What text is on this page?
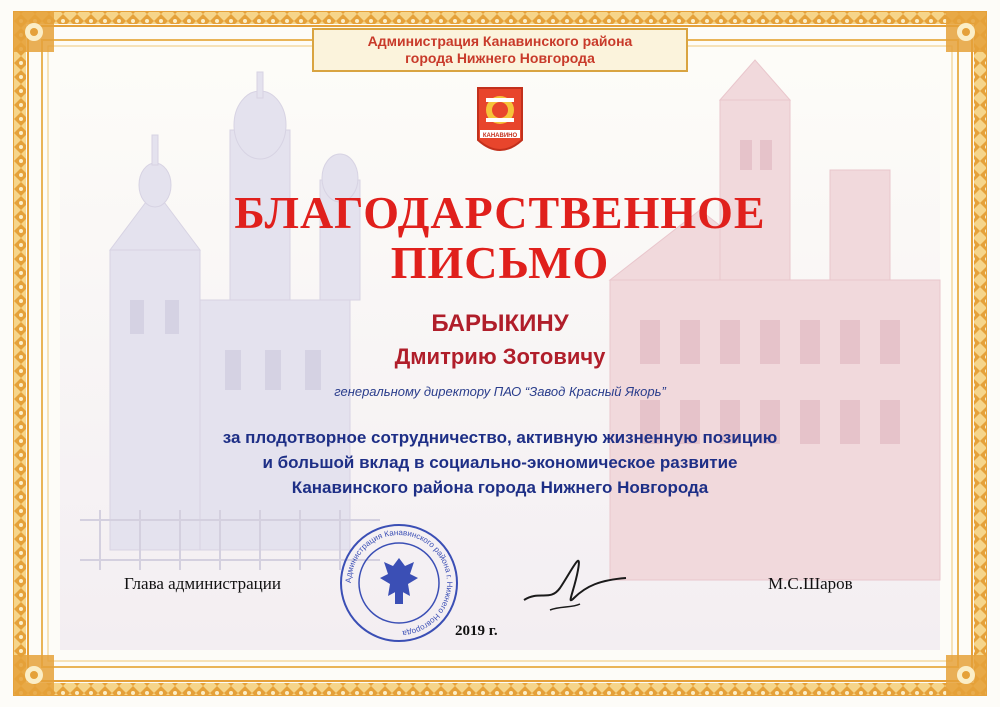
Администрация Канавинского района
города Нижнего Новгорода
КАНАВИНО
БЛАГОДАРСТВЕННОЕ
ПИСЬМО
БАРЫКИНУ
Дмитрию Зотовичу
генеральному директору ПАО “Завод Красный Якорь”
за плодотворное сотрудничество, активную жизненную позицию
и большой вклад в социально-экономическое развитие
Канавинского района города Нижнего Новгорода
Глава администрации	Администрация Канавинского района г. Нижнего Новгорода
М.С.Шаров
2019 г.
